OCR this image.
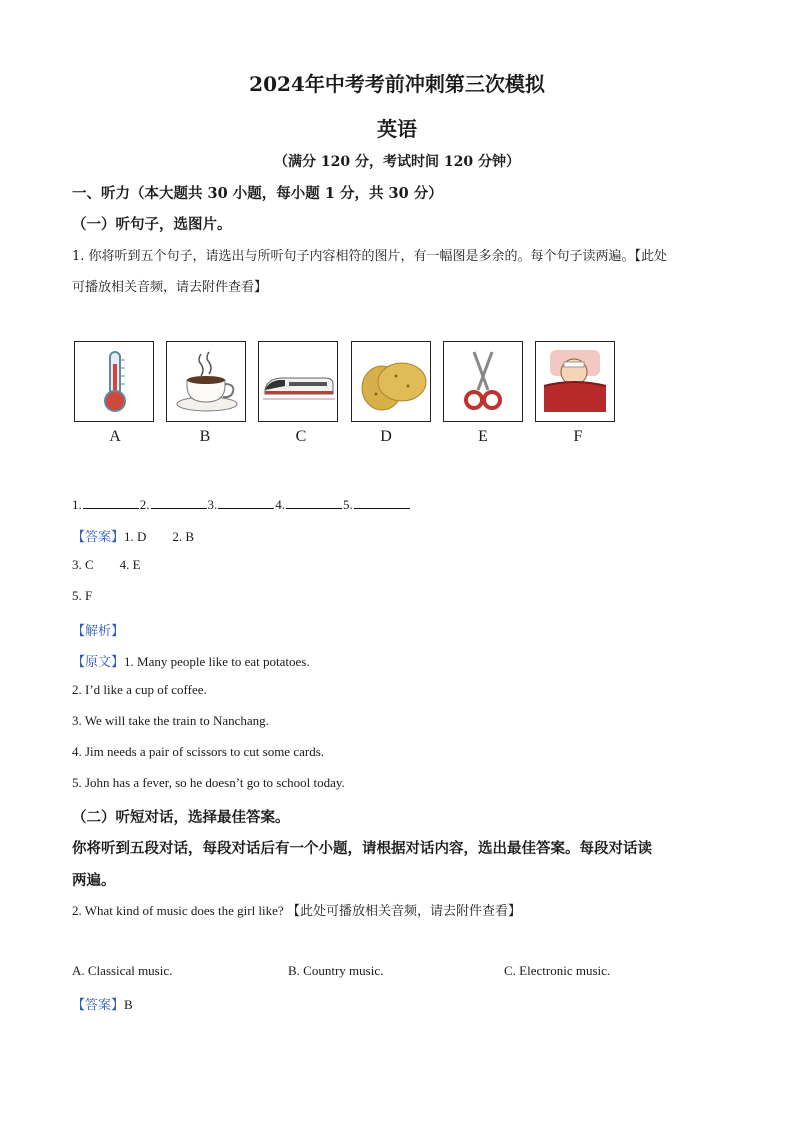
2024年中考考前冲刺第三次模拟
英语
（满分 120 分，考试时间 120 分钟）
一、听力（本大题共 30 小题，每小题 1 分，共 30 分）
（一）听句子，选图片。
1. 你将听到五个句子，请选出与所听句子内容相符的图片，有一幅图是多余的。每个句子读两遍。【此处
可播放相关音频，请去附件查看】
A	B	C	D	E	F
1.	2.	3.	4.	5.
【答案】1. D 2. B
3. C 4. E
5. F
【解析】
【原文】1. Many people like to eat potatoes.
2. I’d like a cup of coffee.
3. We will take the train to Nanchang.
4. Jim needs a pair of scissors to cut some cards.
5. John has a fever, so he doesn’t go to school today.
（二）听短对话，选择最佳答案。
你将听到五段对话，每段对话后有一个小题，请根据对话内容，选出最佳答案。每段对话读
两遍。
2. What kind of music does the girl like? 【此处可播放相关音频，请去附件查看】
A. Classical music.	B. Country music.	C. Electronic music.
【答案】B
